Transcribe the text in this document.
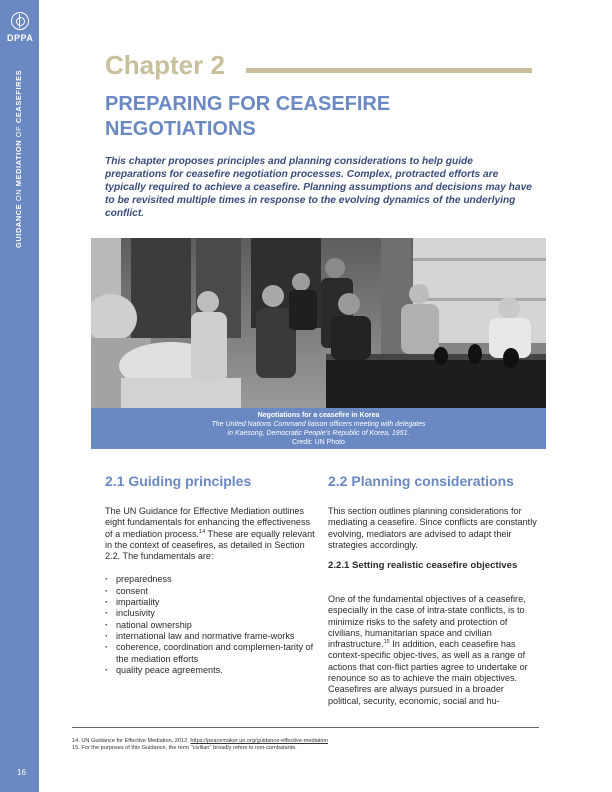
DPPA
GUIDANCE ON MEDIATION OF CEASEFIRES
16
Chapter 2
PREPARING FOR CEASEFIRE NEGOTIATIONS

This chapter proposes principles and planning considerations to help guide preparations for ceasefire negotiation processes. Complex, protracted efforts are typically required to achieve a ceasefire. Planning assumptions and decisions may have to be revisited multiple times in response to the evolving dynamics of the underlying conflict.

Negotiations for a ceasefire in Korea
The United Nations Command liaison officers meeting with delegates
in Kaesong, Democratic People's Republic of Korea, 1951.
Credit: UN Photo
2.1 Guiding principles

The UN Guidance for Effective Mediation outlines eight fundamentals for enhancing the effectiveness of a mediation process.$^{14}$ These are equally relevant in the context of ceasefires, as detailed in Section 2.2. The fundamentals are:

· preparedness
· consent
· impartiality
· inclusivity
· national ownership
· international law and normative frame-works
· coherence, coordination and complemen-tarity of the mediation efforts
· quality peace agreements.
2.2 Planning considerations
This section outlines planning considerations for mediating a ceasefire. Since conflicts are constantly evolving, mediators are advised to adapt their strategies accordingly.
2.2.1 Setting realistic ceasefire objectives

One of the fundamental objectives of a ceasefire, especially in the case of intra-state conflicts, is to minimize risks to the safety and protection of civilians, humanitarian space and civilian infrastructure.$^{15}$ In addition, each ceasefire has context-specific objec-tives, as well as a range of actions that con-flict parties agree to undertake or renounce so as to achieve the main objectives. Ceasefires are always pursued in a broader political, security, economic, social and hu-

14. UN Guidance for Effective Mediation, 2012, https://peacemaker.un.org/guidance-effective-mediation
15. For the purposes of this Guidance, the term "civilian" broadly refers to non-combatants.
